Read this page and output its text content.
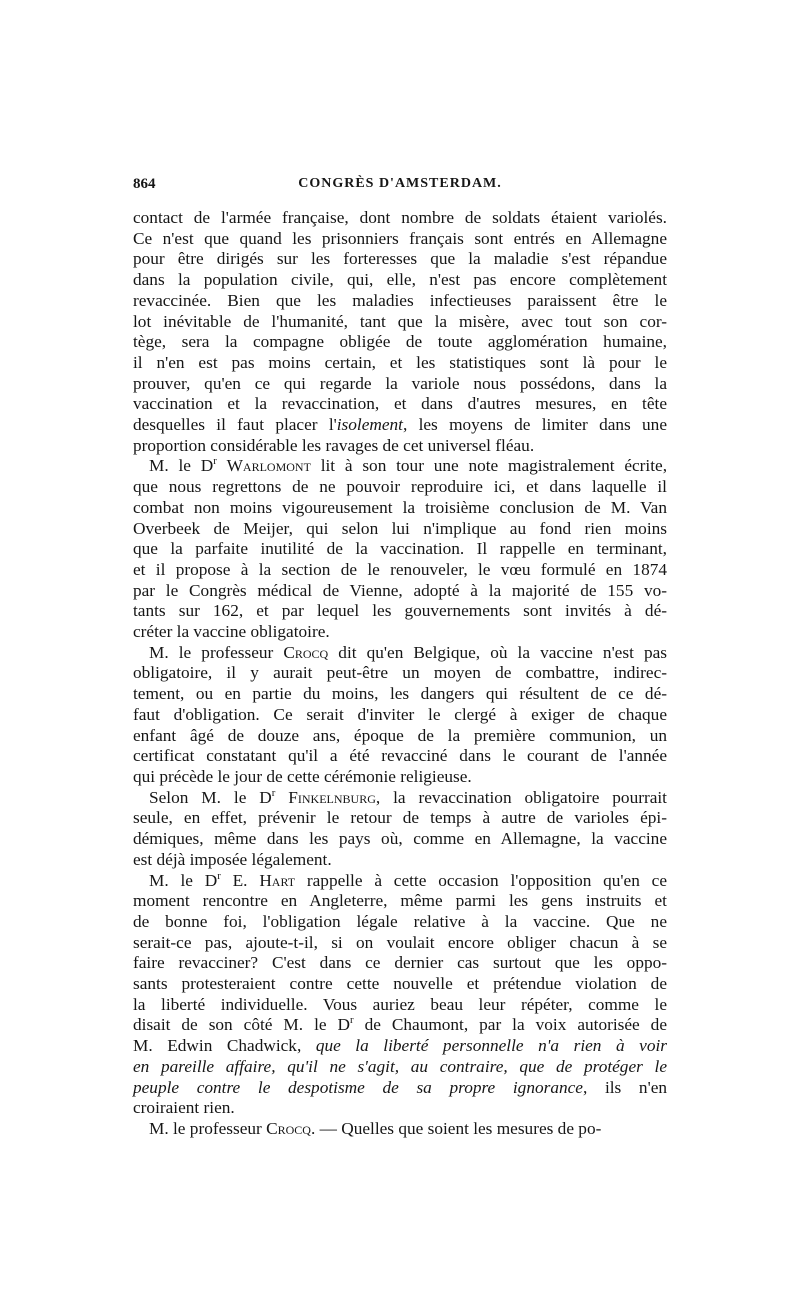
864	CONGRÈS D'AMSTERDAM.

contact de l'armée française, dont nombre de soldats étaient variolés.
Ce n'est que quand les prisonniers français sont entrés en Allemagne
pour être dirigés sur les forteresses que la maladie s'est répandue
dans la population civile, qui, elle, n'est pas encore complètement
revaccinée. Bien que les maladies infectieuses paraissent être le
lot inévitable de l'humanité, tant que la misère, avec tout son cor-
tège, sera la compagne obligée de toute agglomération humaine,
il n'en est pas moins certain, et les statistiques sont là pour le
prouver, qu'en ce qui regarde la variole nous possédons, dans la
vaccination et la revaccination, et dans d'autres mesures, en tête
desquelles il faut placer l'isolement, les moyens de limiter dans une
proportion considérable les ravages de cet universel fléau.

M. le $D^r$ Warlomont lit à son tour une note magistralement écrite,
que nous regrettons de ne pouvoir reproduire ici, et dans laquelle il
combat non moins vigoureusement la troisième conclusion de M. Van
Overbeek de Meijer, qui selon lui n'implique au fond rien moins
que la parfaite inutilité de la vaccination. Il rappelle en terminant,
et il propose à la section de le renouveler, le vœu formulé en 1874
par le Congrès médical de Vienne, adopté à la majorité de 155 vo-
tants sur 162, et par lequel les gouvernements sont invités à dé-
créter la vaccine obligatoire.

M. le professeur Crocq dit qu'en Belgique, où la vaccine n'est pas
obligatoire, il y aurait peut-être un moyen de combattre, indirec-
tement, ou en partie du moins, les dangers qui résultent de ce dé-
faut d'obligation. Ce serait d'inviter le clergé à exiger de chaque
enfant âgé de douze ans, époque de la première communion, un
certificat constatant qu'il a été revacciné dans le courant de l'année
qui précède le jour de cette cérémonie religieuse.

Selon M. le $D^r$ Finkelnburg, la revaccination obligatoire pourrait
seule, en effet, prévenir le retour de temps à autre de varioles épi-
démiques, même dans les pays où, comme en Allemagne, la vaccine
est déjà imposée légalement.

M. le $D^r$ E. Hart rappelle à cette occasion l'opposition qu'en ce
moment rencontre en Angleterre, même parmi les gens instruits et
de bonne foi, l'obligation légale relative à la vaccine. Que ne
serait-ce pas, ajoute-t-il, si on voulait encore obliger chacun à se
faire revacciner? C'est dans ce dernier cas surtout que les oppo-
sants protesteraient contre cette nouvelle et prétendue violation de
la liberté individuelle. Vous auriez beau leur répéter, comme le
disait de son côté M. le $D^r$ de Chaumont, par la voix autorisée de
M. Edwin Chadwick, que la liberté personnelle n'a rien à voir
en pareille affaire, qu'il ne s'agit, au contraire, que de protéger le
peuple contre le despotisme de sa propre ignorance, ils n'en
croiraient rien.

M. le professeur Crocq. — Quelles que soient les mesures de po-
